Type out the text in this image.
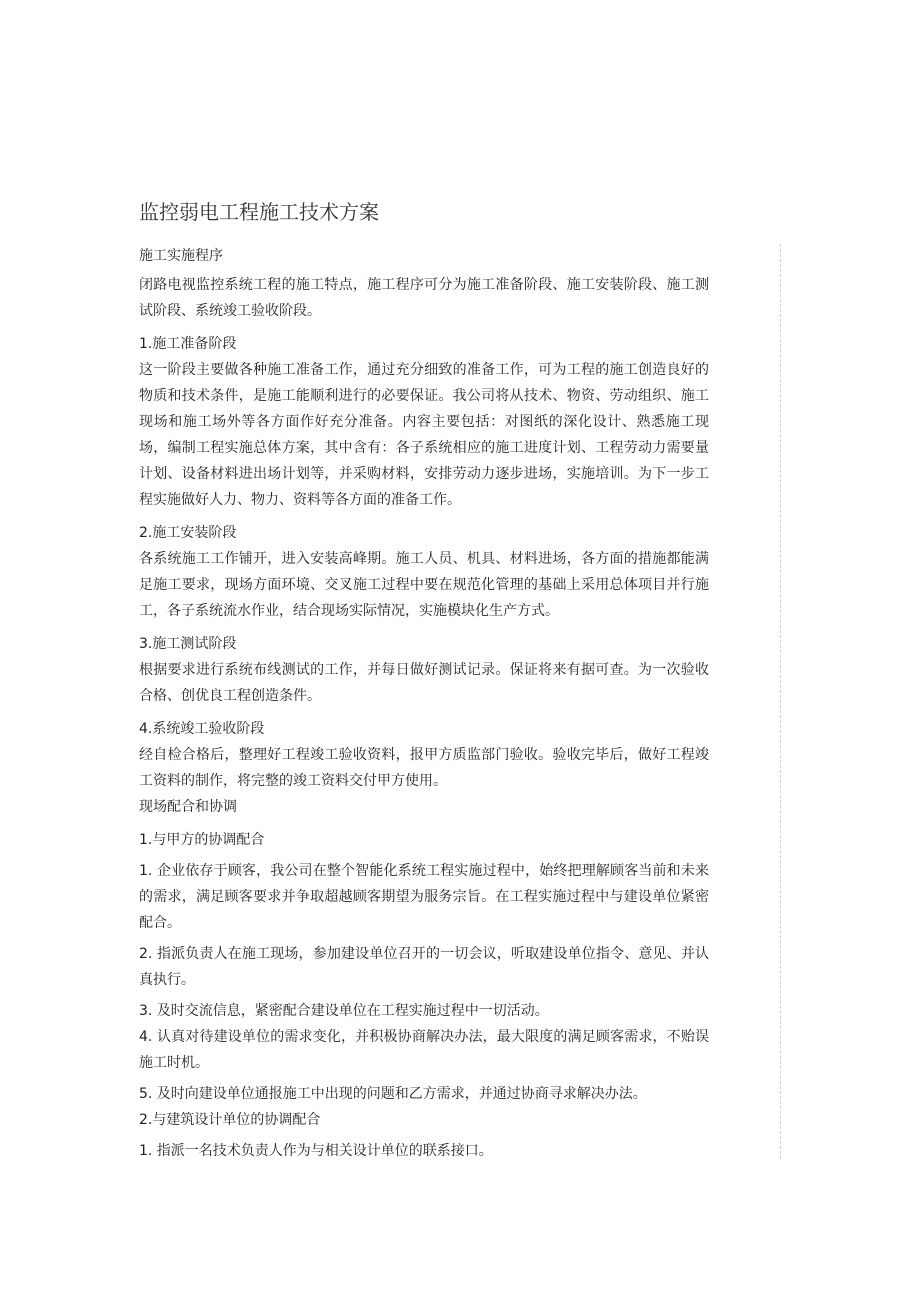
监控弱电工程施工技术方案

施工实施程序

闭路电视监控系统工程的施工特点，施工程序可分为施工准备阶段、施工安装阶段、施工测试阶段、系统竣工验收阶段。

1.施工准备阶段

这一阶段主要做各种施工准备工作，通过充分细致的准备工作，可为工程的施工创造良好的物质和技术条件，是施工能顺利进行的必要保证。我公司将从技术、物资、劳动组织、施工现场和施工场外等各方面作好充分准备。内容主要包括：对图纸的深化设计、熟悉施工现场，编制工程实施总体方案，其中含有：各子系统相应的施工进度计划、工程劳动力需要量计划、设备材料进出场计划等，并采购材料，安排劳动力逐步进场，实施培训。为下一步工程实施做好人力、物力、资料等各方面的准备工作。

2.施工安装阶段

各系统施工工作铺开，进入安装高峰期。施工人员、机具、材料进场，各方面的措施都能满足施工要求，现场方面环境、交叉施工过程中要在规范化管理的基础上采用总体项目并行施工，各子系统流水作业，结合现场实际情况，实施模块化生产方式。

3.施工测试阶段

根据要求进行系统布线测试的工作，并每日做好测试记录。保证将来有据可查。为一次验收合格、创优良工程创造条件。

4.系统竣工验收阶段

经自检合格后，整理好工程竣工验收资料，报甲方质监部门验收。验收完毕后，做好工程竣工资料的制作，将完整的竣工资料交付甲方使用。

现场配合和协调

1.与甲方的协调配合

1. 企业依存于顾客，我公司在整个智能化系统工程实施过程中，始终把理解顾客当前和未来的需求，满足顾客要求并争取超越顾客期望为服务宗旨。在工程实施过程中与建设单位紧密配合。

2. 指派负责人在施工现场，参加建设单位召开的一切会议，听取建设单位指令、意见、并认真执行。

3. 及时交流信息，紧密配合建设单位在工程实施过程中一切活动。

4. 认真对待建设单位的需求变化，并积极协商解决办法，最大限度的满足顾客需求，不贻误施工时机。

5. 及时向建设单位通报施工中出现的问题和乙方需求，并通过协商寻求解决办法。

2.与建筑设计单位的协调配合

1. 指派一名技术负责人作为与相关设计单位的联系接口。
